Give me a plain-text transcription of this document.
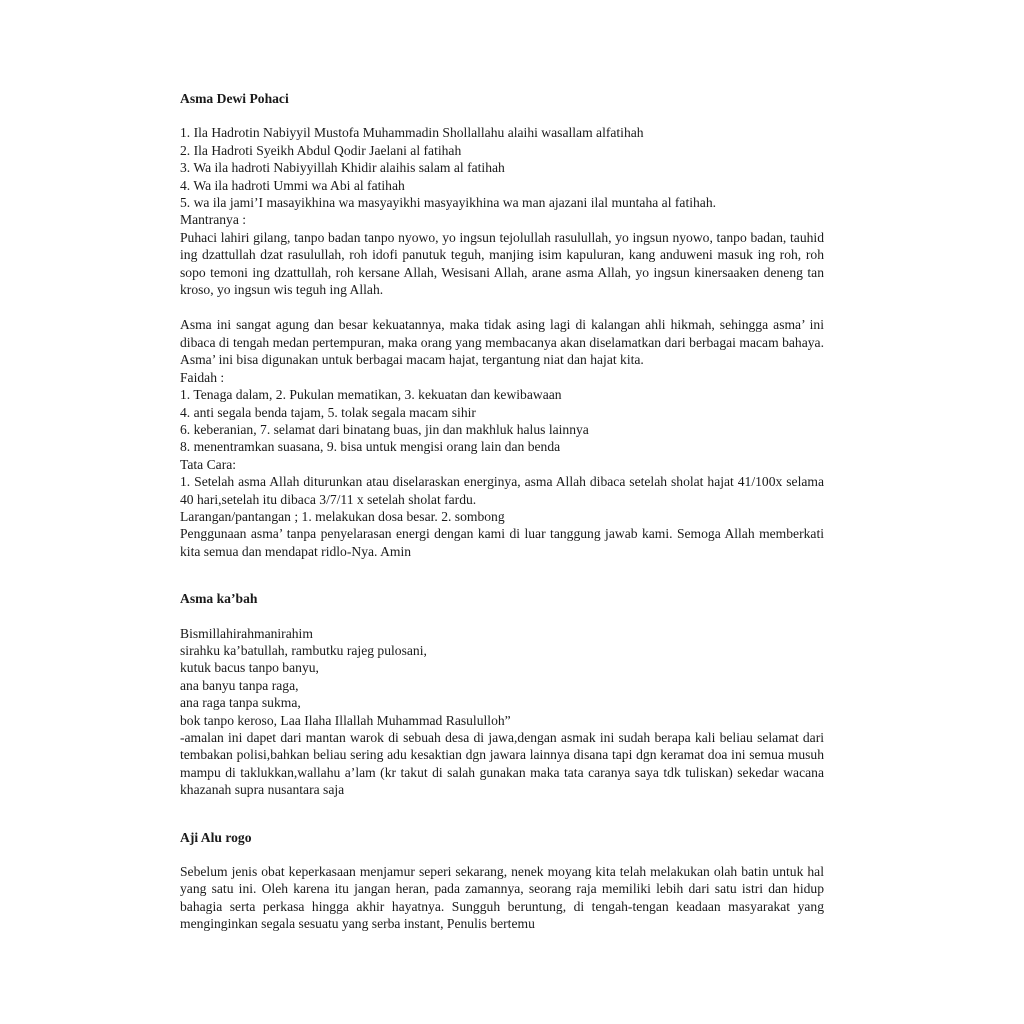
Asma Dewi Pohaci

1. Ila Hadrotin Nabiyyil Mustofa Muhammadin Shollallahu alaihi wasallam alfatihah

2. Ila Hadroti Syeikh Abdul Qodir Jaelani al fatihah

3. Wa ila hadroti Nabiyyillah Khidir alaihis salam al fatihah

4. Wa ila hadroti Ummi wa Abi al fatihah

5. wa ila jami’I masayikhina wa masyayikhi masyayikhina wa man ajazani ilal muntaha al fatihah.

Mantranya :

Puhaci lahiri gilang, tanpo badan tanpo nyowo, yo ingsun tejolullah rasulullah, yo ingsun nyowo, tanpo badan, tauhid ing dzattullah dzat rasulullah, roh idofi panutuk teguh, manjing isim kapuluran, kang anduweni masuk ing roh, roh sopo temoni ing dzattullah, roh kersane Allah, Wesisani Allah, arane asma Allah, yo ingsun kinersaaken deneng tan kroso, yo ingsun wis teguh ing Allah.

Asma ini sangat agung dan besar kekuatannya, maka tidak asing lagi di kalangan ahli hikmah, sehingga asma’ ini dibaca di tengah medan pertempuran, maka orang yang membacanya akan diselamatkan dari berbagai macam bahaya. Asma’ ini bisa digunakan untuk berbagai macam hajat, tergantung niat dan hajat kita.

Faidah :

1. Tenaga dalam, 2. Pukulan mematikan, 3. kekuatan dan kewibawaan

4. anti segala benda tajam, 5. tolak segala macam sihir

6. keberanian, 7. selamat dari binatang buas, jin dan makhluk halus lainnya

8. menentramkan suasana, 9. bisa untuk mengisi orang lain dan benda

Tata Cara:

1. Setelah asma Allah diturunkan atau diselaraskan energinya, asma Allah dibaca setelah sholat hajat 41/100x selama 40 hari,setelah itu dibaca 3/7/11 x setelah sholat fardu.

Larangan/pantangan ; 1. melakukan dosa besar. 2. sombong

Penggunaan asma’ tanpa penyelarasan energi dengan kami di luar tanggung jawab kami. Semoga Allah memberkati kita semua dan mendapat ridlo-Nya. Amin

Asma ka’bah

Bismillahirahmanirahim

sirahku ka’batullah, rambutku rajeg pulosani,

kutuk bacus tanpo banyu,

ana banyu tanpa raga,

ana raga tanpa sukma,

bok tanpo keroso, Laa Ilaha Illallah Muhammad Rasululloh”

-amalan ini dapet dari mantan warok di sebuah desa di jawa,dengan asmak ini sudah berapa kali beliau selamat dari tembakan polisi,bahkan beliau sering adu kesaktian dgn jawara lainnya disana tapi dgn keramat doa ini semua musuh mampu di taklukkan,wallahu a’lam (kr takut di salah gunakan maka tata caranya saya tdk tuliskan) sekedar wacana khazanah supra nusantara saja

Aji Alu rogo

Sebelum jenis obat keperkasaan menjamur seperi sekarang, nenek moyang kita telah melakukan olah batin untuk hal yang satu ini. Oleh karena itu jangan heran, pada zamannya, seorang raja memiliki lebih dari satu istri dan hidup bahagia serta perkasa hingga akhir hayatnya. Sungguh beruntung, di tengah-tengan keadaan masyarakat yang menginginkan segala sesuatu yang serba instant, Penulis bertemu
